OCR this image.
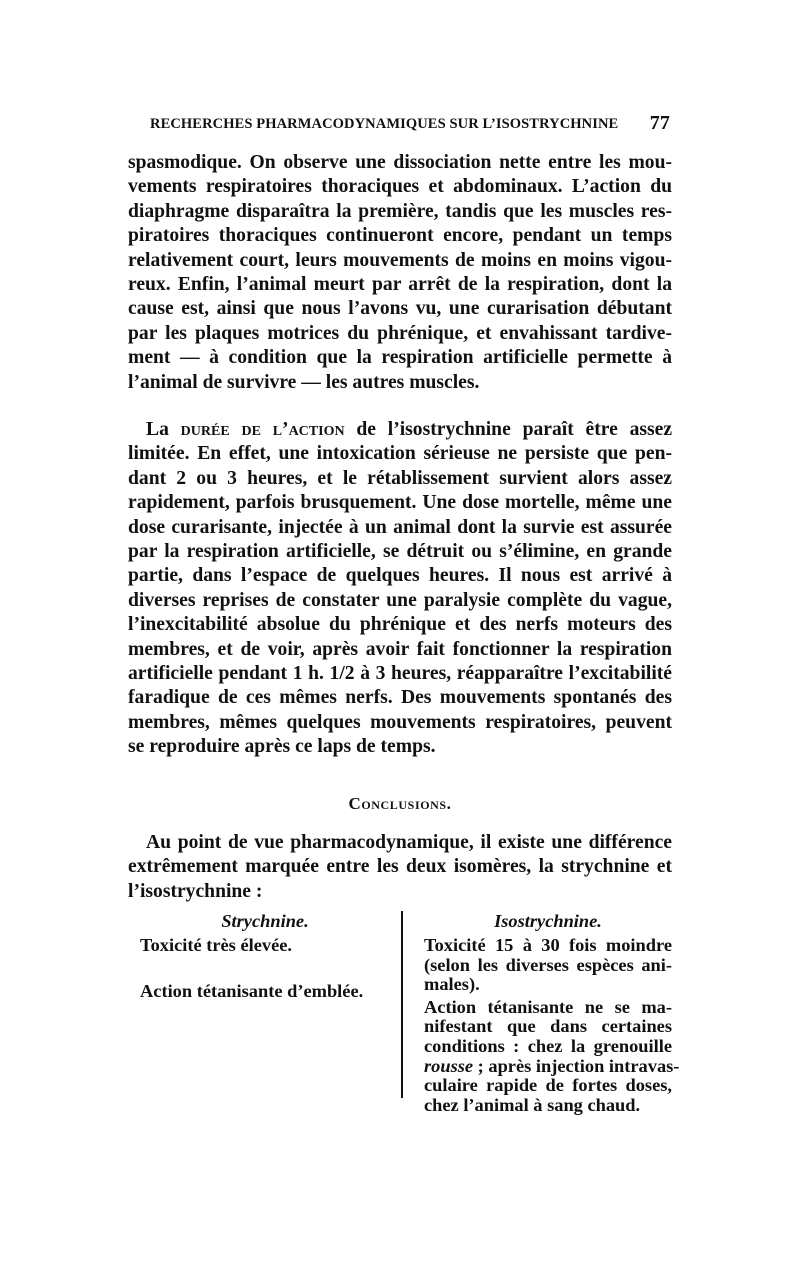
RECHERCHES PHARMACODYNAMIQUES SUR L’ISOSTRYCHNINE 77
spasmodique. On observe une dissociation nette entre les mou-
vements respiratoires thoraciques et abdominaux. L’action du
diaphragme disparaîtra la première, tandis que les muscles res-
piratoires thoraciques continueront encore, pendant un temps
relativement court, leurs mouvements de moins en moins vigou-
reux. Enfin, l’animal meurt par arrêt de la respiration, dont la
cause est, ainsi que nous l’avons vu, une curarisation débutant
par les plaques motrices du phrénique, et envahissant tardive-
ment — à condition que la respiration artificielle permette à
l’animal de survivre — les autres muscles.
La durée de l’action de l’isostrychnine paraît être assez
limitée. En effet, une intoxication sérieuse ne persiste que pen-
dant 2 ou 3 heures, et le rétablissement survient alors assez
rapidement, parfois brusquement. Une dose mortelle, même une
dose curarisante, injectée à un animal dont la survie est assurée
par la respiration artificielle, se détruit ou s’élimine, en grande
partie, dans l’espace de quelques heures. Il nous est arrivé à
diverses reprises de constater une paralysie complète du vague,
l’inexcitabilité absolue du phrénique et des nerfs moteurs des
membres, et de voir, après avoir fait fonctionner la respiration
artificielle pendant 1 h. 1/2 à 3 heures, réapparaître l’excitabilité
faradique de ces mêmes nerfs. Des mouvements spontanés des
membres, mêmes quelques mouvements respiratoires, peuvent
se reproduire après ce laps de temps.
Conclusions.
Au point de vue pharmacodynamique, il existe une différence
extrêmement marquée entre les deux isomères, la strychnine et
l’isostrychnine :
Strychnine.
Toxicité très élevée.
Action tétanisante d’emblée.
Isostrychnine.
Toxicité 15 à 30 fois moindre
(selon les diverses espèces ani-
males).
Action tétanisante ne se ma-
nifestant que dans certaines
conditions : chez la grenouille
rousse ; après injection intravas-
culaire rapide de fortes doses,
chez l’animal à sang chaud.
